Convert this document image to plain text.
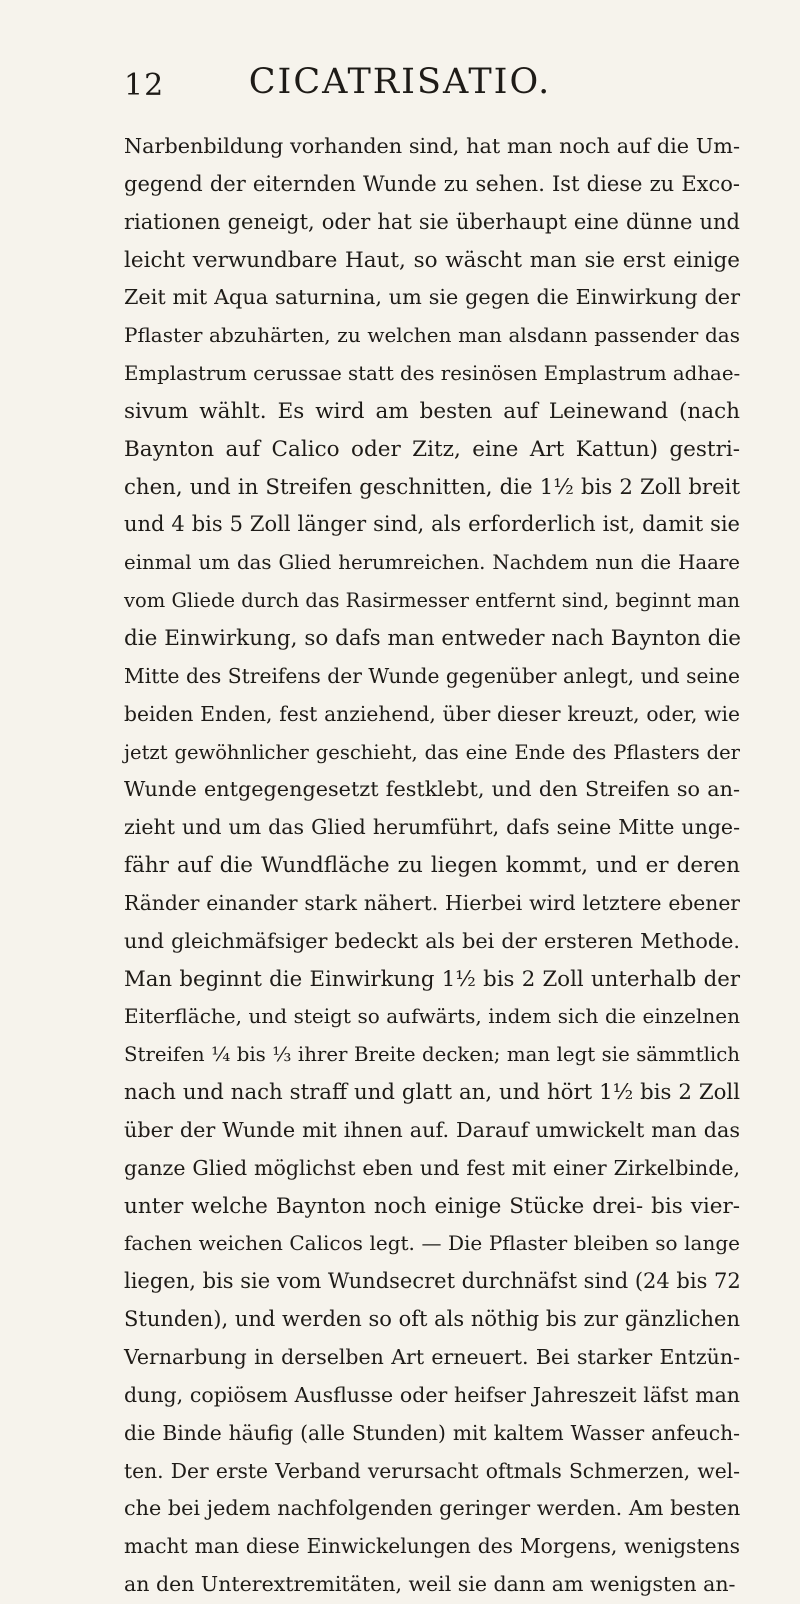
12	CICATRISATIO.
Narbenbildung vorhanden sind, hat man noch auf die Um-
gegend der eiternden Wunde zu sehen. Ist diese zu Exco-
riationen geneigt, oder hat sie überhaupt eine dünne und
leicht verwundbare Haut, so wäscht man sie erst einige
Zeit mit Aqua saturnina, um sie gegen die Einwirkung der
Pflaster abzuhärten, zu welchen man alsdann passender das
Emplastrum cerussae statt des resinösen Emplastrum adhae-
sivum wählt. Es wird am besten auf Leinewand (nach
Baynton auf Calico oder Zitz, eine Art Kattun) gestri-
chen, und in Streifen geschnitten, die 1½ bis 2 Zoll breit
und 4 bis 5 Zoll länger sind, als erforderlich ist, damit sie
einmal um das Glied herumreichen. Nachdem nun die Haare
vom Gliede durch das Rasirmesser entfernt sind, beginnt man
die Einwirkung, so dafs man entweder nach Baynton die
Mitte des Streifens der Wunde gegenüber anlegt, und seine
beiden Enden, fest anziehend, über dieser kreuzt, oder, wie
jetzt gewöhnlicher geschieht, das eine Ende des Pflasters der
Wunde entgegengesetzt festklebt, und den Streifen so an-
zieht und um das Glied herumführt, dafs seine Mitte unge-
fähr auf die Wundfläche zu liegen kommt, und er deren
Ränder einander stark nähert. Hierbei wird letztere ebener
und gleichmäfsiger bedeckt als bei der ersteren Methode.
Man beginnt die Einwirkung 1½ bis 2 Zoll unterhalb der
Eiterfläche, und steigt so aufwärts, indem sich die einzelnen
Streifen ¼ bis ⅓ ihrer Breite decken; man legt sie sämmtlich
nach und nach straff und glatt an, und hört 1½ bis 2 Zoll
über der Wunde mit ihnen auf. Darauf umwickelt man das
ganze Glied möglichst eben und fest mit einer Zirkelbinde,
unter welche Baynton noch einige Stücke drei- bis vier-
fachen weichen Calicos legt. — Die Pflaster bleiben so lange
liegen, bis sie vom Wundsecret durchnäfst sind (24 bis 72
Stunden), und werden so oft als nöthig bis zur gänzlichen
Vernarbung in derselben Art erneuert. Bei starker Entzün-
dung, copiösem Ausflusse oder heifser Jahreszeit läfst man
die Binde häufig (alle Stunden) mit kaltem Wasser anfeuch-
ten. Der erste Verband verursacht oftmals Schmerzen, wel-
che bei jedem nachfolgenden geringer werden. Am besten
macht man diese Einwickelungen des Morgens, wenigstens
an den Unterextremitäten, weil sie dann am wenigsten an-
